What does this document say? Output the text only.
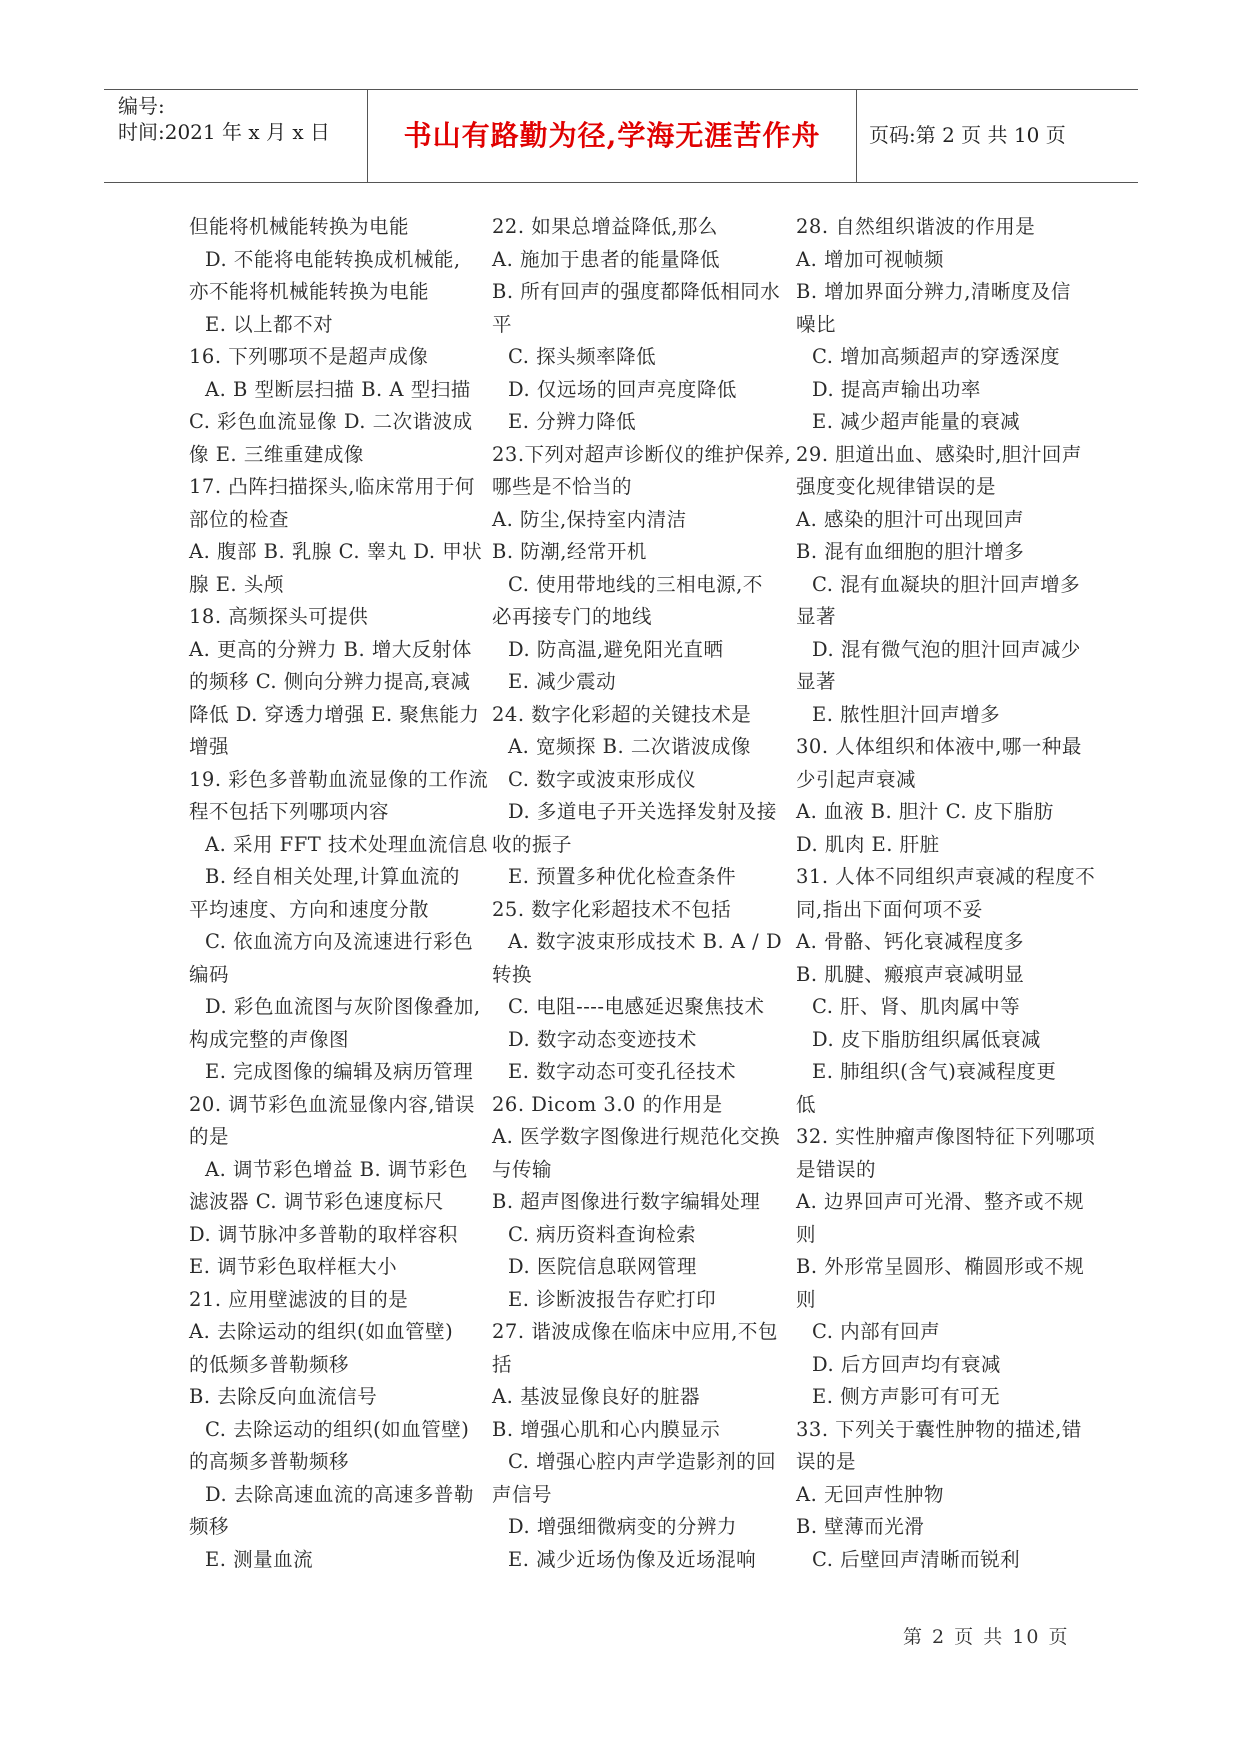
编号:
时间:2021 年 x 月 x 日	书山有路勤为径,学海无涯苦作舟	页码:第 2 页 共 10 页

但能将机械能转换为电能

D. 不能将电能转换成机械能,

亦不能将机械能转换为电能

E. 以上都不对

16. 下列哪项不是超声成像

A. B 型断层扫描 B. A 型扫描

C. 彩色血流显像 D. 二次谐波成

像 E. 三维重建成像

17. 凸阵扫描探头,临床常用于何

部位的检查

A. 腹部 B. 乳腺 C. 睾丸 D. 甲状

腺 E. 头颅

18. 高频探头可提供

A. 更高的分辨力 B. 增大反射体

的频移 C. 侧向分辨力提高,衰减

降低 D. 穿透力增强 E. 聚焦能力

增强

19. 彩色多普勒血流显像的工作流

程不包括下列哪项内容

A. 采用 FFT 技术处理血流信息

B. 经自相关处理,计算血流的

平均速度、方向和速度分散

C. 依血流方向及流速进行彩色

编码

D. 彩色血流图与灰阶图像叠加,

构成完整的声像图

E. 完成图像的编辑及病历管理

20. 调节彩色血流显像内容,错误

的是

A. 调节彩色增益 B. 调节彩色

滤波器 C. 调节彩色速度标尺

D. 调节脉冲多普勒的取样容积

E. 调节彩色取样框大小

21. 应用壁滤波的目的是

A. 去除运动的组织(如血管壁)

的低频多普勒频移

B. 去除反向血流信号

C. 去除运动的组织(如血管壁)

的高频多普勒频移

D. 去除高速血流的高速多普勒

频移

E. 测量血流

22. 如果总增益降低,那么

A. 施加于患者的能量降低

B. 所有回声的强度都降低相同水

平

C. 探头频率降低

D. 仅远场的回声亮度降低

E. 分辨力降低

23.下列对超声诊断仪的维护保养,

哪些是不恰当的

A. 防尘,保持室内清洁

B. 防潮,经常开机

C. 使用带地线的三相电源,不

必再接专门的地线

D. 防高温,避免阳光直晒

E. 减少震动

24. 数字化彩超的关键技术是

A. 宽频探 B. 二次谐波成像

C. 数字或波束形成仪

D. 多道电子开关选择发射及接

收的振子

E. 预置多种优化检查条件

25. 数字化彩超技术不包括

A. 数字波束形成技术 B. A / D

转换

C. 电阻----电感延迟聚焦技术

D. 数字动态变迹技术

E. 数字动态可变孔径技术

26. Dicom 3.0 的作用是

A. 医学数字图像进行规范化交换

与传输

B. 超声图像进行数字编辑处理

C. 病历资料查询检索

D. 医院信息联网管理

E. 诊断波报告存贮打印

27. 谐波成像在临床中应用,不包

括

A. 基波显像良好的脏器

B. 增强心肌和心内膜显示

C. 增强心腔内声学造影剂的回

声信号

D. 增强细微病变的分辨力

E. 减少近场伪像及近场混响

28. 自然组织谐波的作用是

A. 增加可视帧频

B. 增加界面分辨力,清晰度及信

噪比

C. 增加高频超声的穿透深度

D. 提高声输出功率

E. 减少超声能量的衰减

29. 胆道出血、感染时,胆汁回声

强度变化规律错误的是

A. 感染的胆汁可出现回声

B. 混有血细胞的胆汁增多

C. 混有血凝块的胆汁回声增多

显著

D. 混有微气泡的胆汁回声减少

显著

E. 脓性胆汁回声增多

30. 人体组织和体液中,哪一种最

少引起声衰减

A. 血液 B. 胆汁 C. 皮下脂肪

D. 肌肉 E. 肝脏

31. 人体不同组织声衰减的程度不

同,指出下面何项不妥

A. 骨骼、钙化衰减程度多

B. 肌腱、瘢痕声衰减明显

C. 肝、肾、肌肉属中等

D. 皮下脂肪组织属低衰减

E. 肺组织(含气)衰减程度更

低

32. 实性肿瘤声像图特征下列哪项

是错误的

A. 边界回声可光滑、整齐或不规

则

B. 外形常呈圆形、椭圆形或不规

则

C. 内部有回声

D. 后方回声均有衰减

E. 侧方声影可有可无

33. 下列关于囊性肿物的描述,错

误的是

A. 无回声性肿物

B. 壁薄而光滑

C. 后壁回声清晰而锐利

第 2 页 共 10 页
